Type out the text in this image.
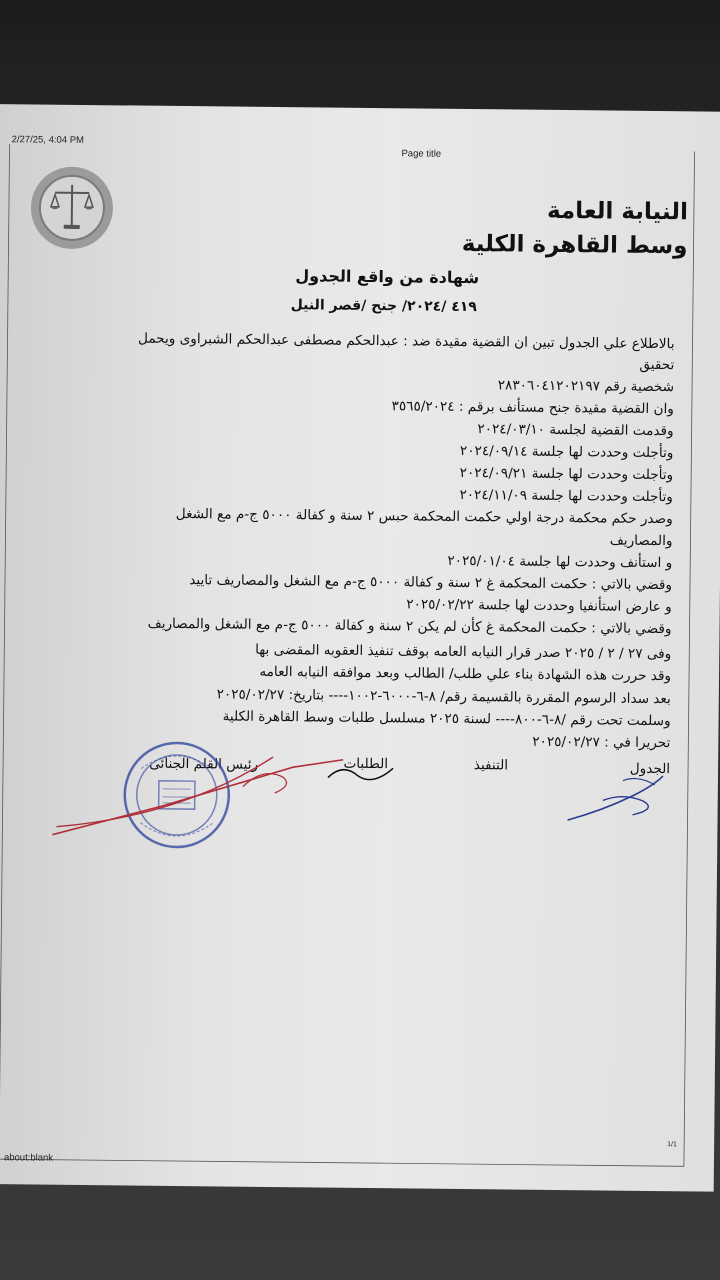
2/27/25, 4:04 PM
Page title
about:blank
1/1
النيابة العامة
وسط القاهرة الكلية
شهادة من واقع الجدول
٤١٩ /٢٠٢٤/ جنح /قصر النيل
بالاطلاع علي الجدول تبين ان القضية مقيدة ضد : عبدالحكم مصطفى عبدالحكم الشبراوى ويحمل
تحقيق
شخصية رقم ٢٨٣٠٦٠٤١٢٠٢١٩٧
وان القضية مقيدة جنح مستأنف برقم : ٣٥٦٥/٢٠٢٤
وقدمت القضية لجلسة ٢٠٢٤/٠٣/١٠
وتأجلت وحددت لها جلسة ٢٠٢٤/٠٩/١٤
وتأجلت وحددت لها جلسة ٢٠٢٤/٠٩/٢١
وتأجلت وحددت لها جلسة ٢٠٢٤/١١/٠٩
وصدر حكم محكمة درجة اولي حكمت المحكمة حبس ٢ سنة و كفالة ٥٠٠٠ ج-م مع الشغل
والمصاريف
و استأنف وحددت لها جلسة ٢٠٢٥/٠١/٠٤
وقضي بالاتي : حكمت المحكمة غ ٢ سنة و كفالة ٥٠٠٠ ج-م مع الشغل والمصاريف تاييد
و عارض استأنفيا وحددت لها جلسة ٢٠٢٥/٠٢/٢٢
وقضي بالاتي : حكمت المحكمة غ كأن لم يكن ٢ سنة و كفالة ٥٠٠٠ ج-م مع الشغل والمصاريف
وفى ٢٧ / ٢ / ٢٠٢٥ صدر قرار النيابه العامه بوقف تنفيذ العقوبه المقضى بها
وقد حررت هذه الشهادة بناء علي طلب/ الطالب وبعد موافقه النيابه العامه
بعد سداد الرسوم المقررة بالقسيمة رقم/ ٨-٦-٦٠٠٠-١٠٠٢---- بتاريخ: ٢٠٢٥/٠٢/٢٧
وسلمت تحت رقم /٨-٦-٨٠٠---- لسنة ٢٠٢٥ مسلسل طلبات وسط القاهرة الكلية
تحريرا في : ٢٠٢٥/٠٢/٢٧
الجدول
التنفيذ
الطلبات
رئيس القلم الجنائى
